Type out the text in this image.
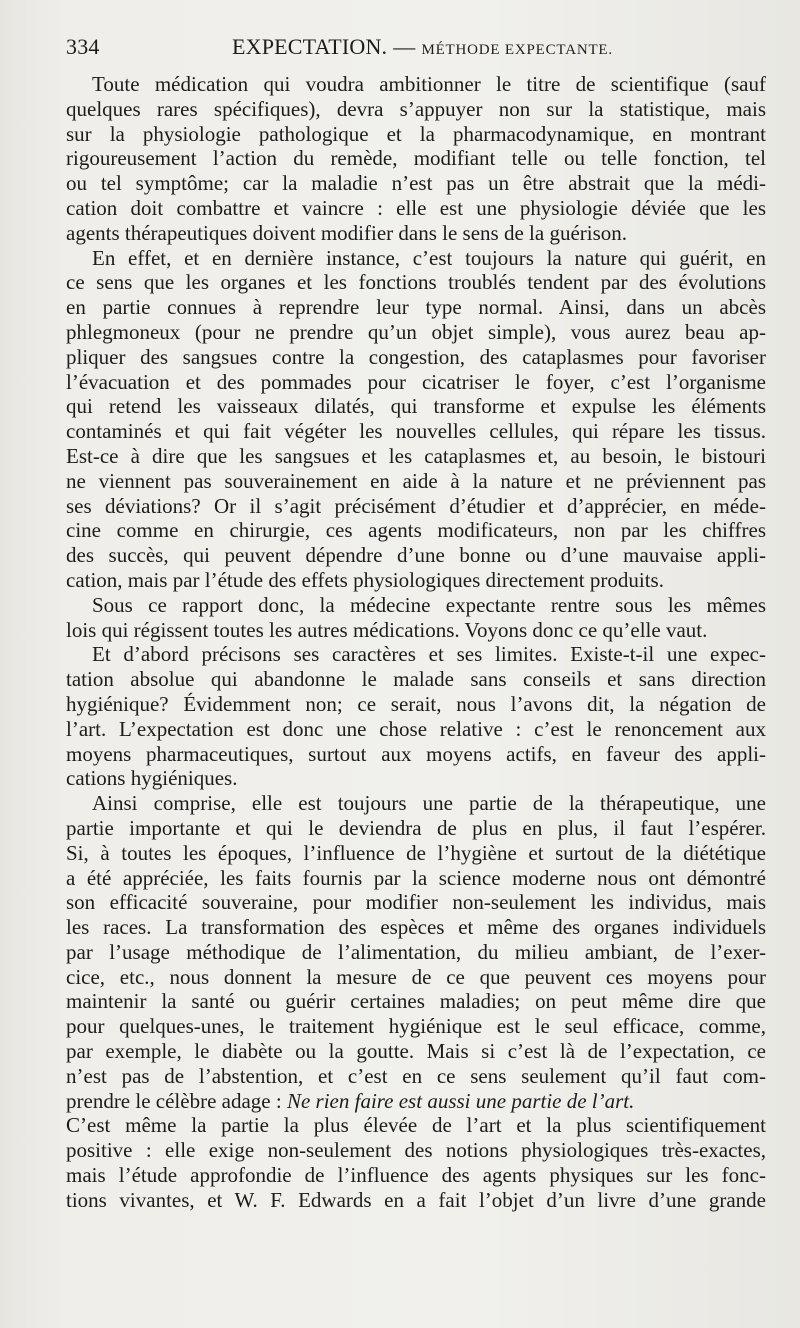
334	EXPECTATION. — MÉTHODE EXPECTANTE.
Toute médication qui voudra ambitionner le titre de scientifique (sauf
quelques rares spécifiques), devra s’appuyer non sur la statistique, mais
sur la physiologie pathologique et la pharmacodynamique, en montrant
rigoureusement l’action du remède, modifiant telle ou telle fonction, tel
ou tel symptôme; car la maladie n’est pas un être abstrait que la médi-
cation doit combattre et vaincre : elle est une physiologie déviée que les
agents thérapeutiques doivent modifier dans le sens de la guérison.
En effet, et en dernière instance, c’est toujours la nature qui guérit, en
ce sens que les organes et les fonctions troublés tendent par des évolutions
en partie connues à reprendre leur type normal. Ainsi, dans un abcès
phlegmoneux (pour ne prendre qu’un objet simple), vous aurez beau ap-
pliquer des sangsues contre la congestion, des cataplasmes pour favoriser
l’évacuation et des pommades pour cicatriser le foyer, c’est l’organisme
qui retend les vaisseaux dilatés, qui transforme et expulse les éléments
contaminés et qui fait végéter les nouvelles cellules, qui répare les tissus.
Est-ce à dire que les sangsues et les cataplasmes et, au besoin, le bistouri
ne viennent pas souverainement en aide à la nature et ne préviennent pas
ses déviations? Or il s’agit précisément d’étudier et d’apprécier, en méde-
cine comme en chirurgie, ces agents modificateurs, non par les chiffres
des succès, qui peuvent dépendre d’une bonne ou d’une mauvaise appli-
cation, mais par l’étude des effets physiologiques directement produits.
Sous ce rapport donc, la médecine expectante rentre sous les mêmes
lois qui régissent toutes les autres médications. Voyons donc ce qu’elle vaut.
Et d’abord précisons ses caractères et ses limites. Existe-t-il une expec-
tation absolue qui abandonne le malade sans conseils et sans direction
hygiénique? Évidemment non; ce serait, nous l’avons dit, la négation de
l’art. L’expectation est donc une chose relative : c’est le renoncement aux
moyens pharmaceutiques, surtout aux moyens actifs, en faveur des appli-
cations hygiéniques.
Ainsi comprise, elle est toujours une partie de la thérapeutique, une
partie importante et qui le deviendra de plus en plus, il faut l’espérer.
Si, à toutes les époques, l’influence de l’hygiène et surtout de la diététique
a été appréciée, les faits fournis par la science moderne nous ont démontré
son efficacité souveraine, pour modifier non-seulement les individus, mais
les races. La transformation des espèces et même des organes individuels
par l’usage méthodique de l’alimentation, du milieu ambiant, de l’exer-
cice, etc., nous donnent la mesure de ce que peuvent ces moyens pour
maintenir la santé ou guérir certaines maladies; on peut même dire que
pour quelques-unes, le traitement hygiénique est le seul efficace, comme,
par exemple, le diabète ou la goutte. Mais si c’est là de l’expectation, ce
n’est pas de l’abstention, et c’est en ce sens seulement qu’il faut com-
prendre le célèbre adage : Ne rien faire est aussi une partie de l’art.
C’est même la partie la plus élevée de l’art et la plus scientifiquement
positive : elle exige non-seulement des notions physiologiques très-exactes,
mais l’étude approfondie de l’influence des agents physiques sur les fonc-
tions vivantes, et W. F. Edwards en a fait l’objet d’un livre d’une grande
